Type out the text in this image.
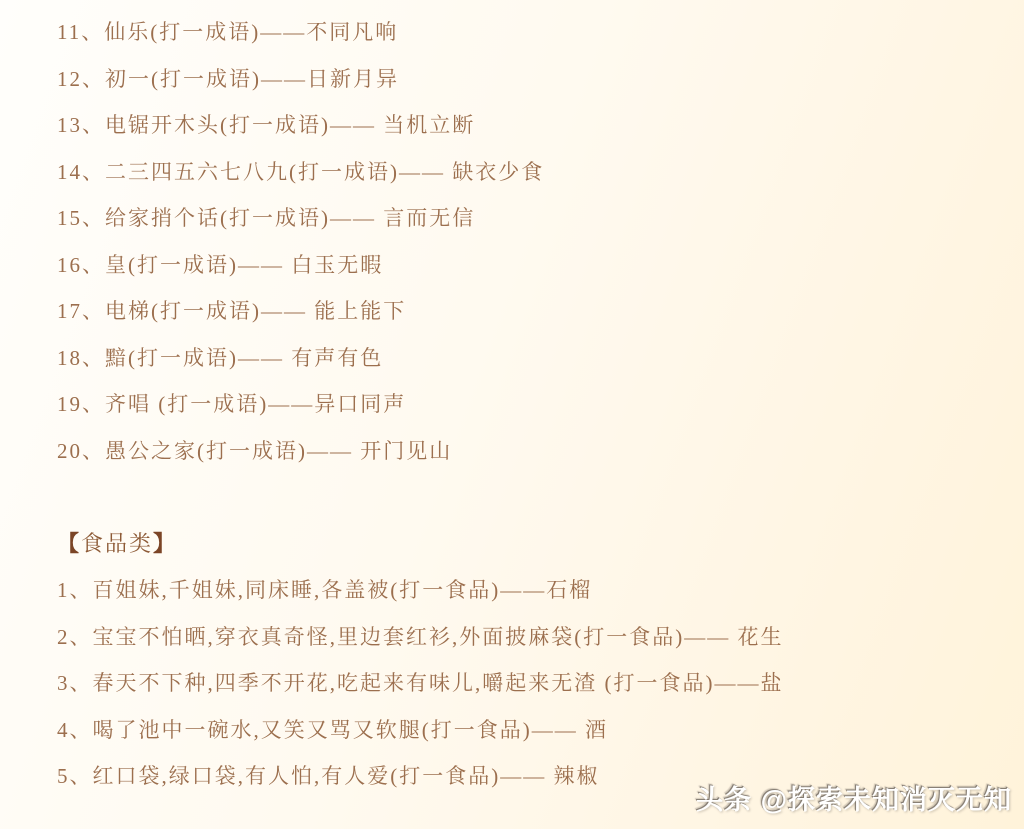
11、仙乐(打一成语)——不同凡响
12、初一(打一成语)——日新月异
13、电锯开木头(打一成语)—— 当机立断
14、二三四五六七八九(打一成语)—— 缺衣少食
15、给家捎个话(打一成语)—— 言而无信
16、皇(打一成语)—— 白玉无暇
17、电梯(打一成语)—— 能上能下
18、黯(打一成语)—— 有声有色
19、齐唱 (打一成语)——异口同声
20、愚公之家(打一成语)—— 开门见山
【 食品类 】
1、百姐妹,千姐妹,同床睡,各盖被(打一食品)——石榴
2、宝宝不怕晒,穿衣真奇怪,里边套红衫,外面披麻袋(打一食品)—— 花生
3、春天不下种,四季不开花,吃起来有味儿,嚼起来无渣 (打一食品)——盐
4、喝了池中一碗水,又笑又骂又软腿(打一食品)—— 酒
5、红口袋,绿口袋,有人怕,有人爱(打一食品)—— 辣椒
头条 @探索未知消灭无知
